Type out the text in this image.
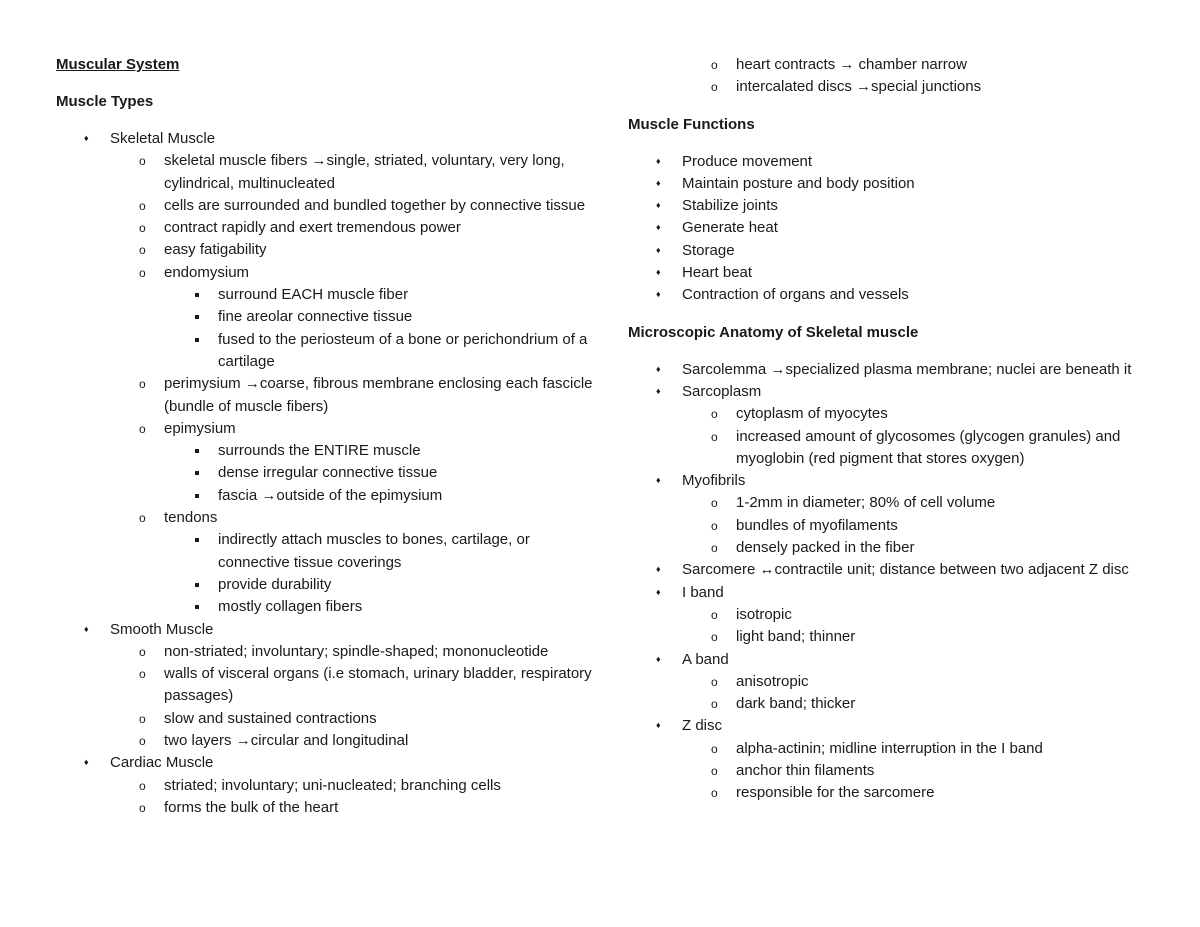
Muscular System
Muscle Types
Skeletal Muscle
skeletal muscle fibers →single, striated, voluntary, very long, cylindrical, multinucleated
cells are surrounded and bundled together by connective tissue
contract rapidly and exert tremendous power
easy fatigability
endomysium
surround EACH muscle fiber
fine areolar connective tissue
fused to the periosteum of a bone or perichondrium of a cartilage
perimysium →coarse, fibrous membrane enclosing each fascicle (bundle of muscle fibers)
epimysium
surrounds the ENTIRE muscle
dense irregular connective tissue
fascia →outside of the epimysium
tendons
indirectly attach muscles to bones, cartilage, or connective tissue coverings
provide durability
mostly collagen fibers
Smooth Muscle
non-striated; involuntary; spindle-shaped; mononucleotide
walls of visceral organs (i.e stomach, urinary bladder, respiratory passages)
slow and sustained contractions
two layers →circular and longitudinal
Cardiac Muscle
striated; involuntary; uni-nucleated; branching cells
forms the bulk of the heart
heart contracts → chamber narrow
intercalated discs →special junctions
Muscle Functions
Produce movement
Maintain posture and body position
Stabilize joints
Generate heat
Storage
Heart beat
Contraction of organs and vessels
Microscopic Anatomy of Skeletal muscle
Sarcolemma →specialized plasma membrane; nuclei are beneath it
Sarcoplasm
cytoplasm of myocytes
increased amount of glycosomes (glycogen granules) and myoglobin (red pigment that stores oxygen)
Myofibrils
1-2mm in diameter; 80% of cell volume
bundles of myofilaments
densely packed in the fiber
Sarcomere ↔contractile unit; distance between two adjacent Z disc
I band
isotropic
light band; thinner
A band
anisotropic
dark band; thicker
Z disc
alpha-actinin; midline interruption in the I band
anchor thin filaments
responsible for the sarcomere
